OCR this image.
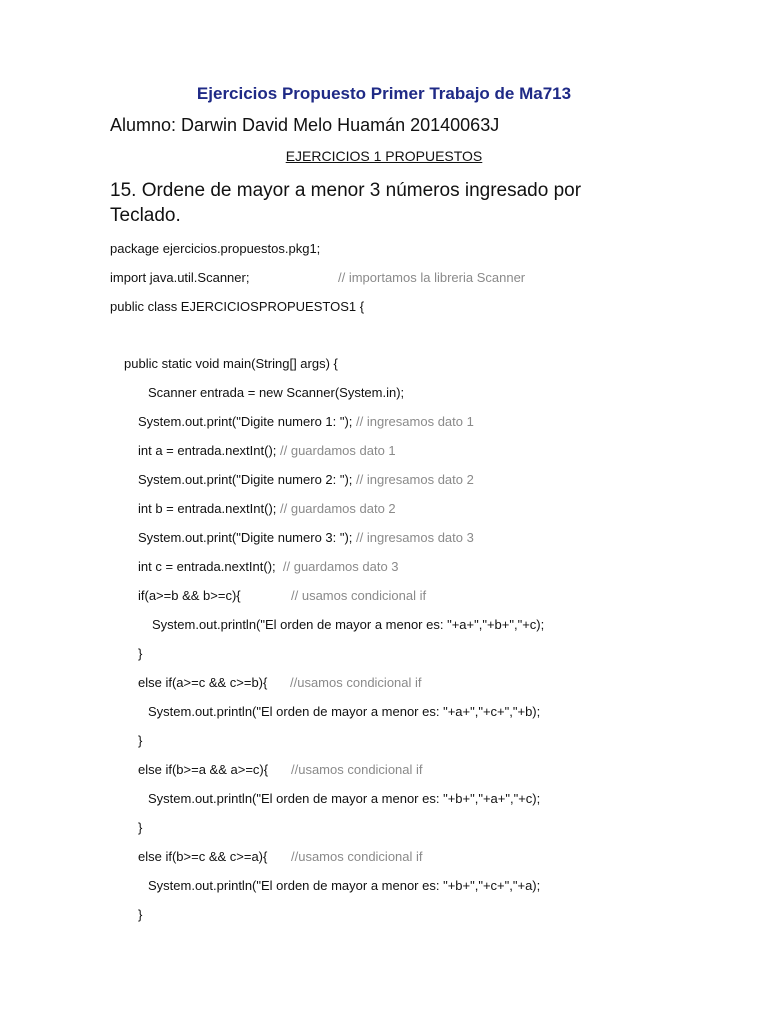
Ejercicios Propuesto Primer Trabajo de Ma713

Alumno: Darwin David Melo Huamán 20140063J

EJERCICIOS 1 PROPUESTOS

15. Ordene de mayor a menor 3 números ingresado por Teclado.

package ejercicios.propuestos.pkg1;
import java.util.Scanner;	// importamos la libreria Scanner
public class EJERCICIOSPROPUESTOS1 {
public static void main(String[] args) {
Scanner entrada = new Scanner(System.in);
System.out.print("Digite numero 1: "); // ingresamos dato 1
int a = entrada.nextInt(); // guardamos dato 1
System.out.print("Digite numero 2: "); // ingresamos dato 2
int b = entrada.nextInt(); // guardamos dato 2
System.out.print("Digite numero 3: "); // ingresamos dato 3
int c = entrada.nextInt(); // guardamos dato 3
if(a>=b && b>=c){	// usamos condicional if
System.out.println("El orden de mayor a menor es: "+a+","+b+","+c);
}
else if(a>=c && c>=b){ //usamos condicional if
System.out.println("El orden de mayor a menor es: "+a+","+c+","+b);
}
else if(b>=a && a>=c){ //usamos condicional if
System.out.println("El orden de mayor a menor es: "+b+","+a+","+c);
}
else if(b>=c && c>=a){ //usamos condicional if
System.out.println("El orden de mayor a menor es: "+b+","+c+","+a);
}
